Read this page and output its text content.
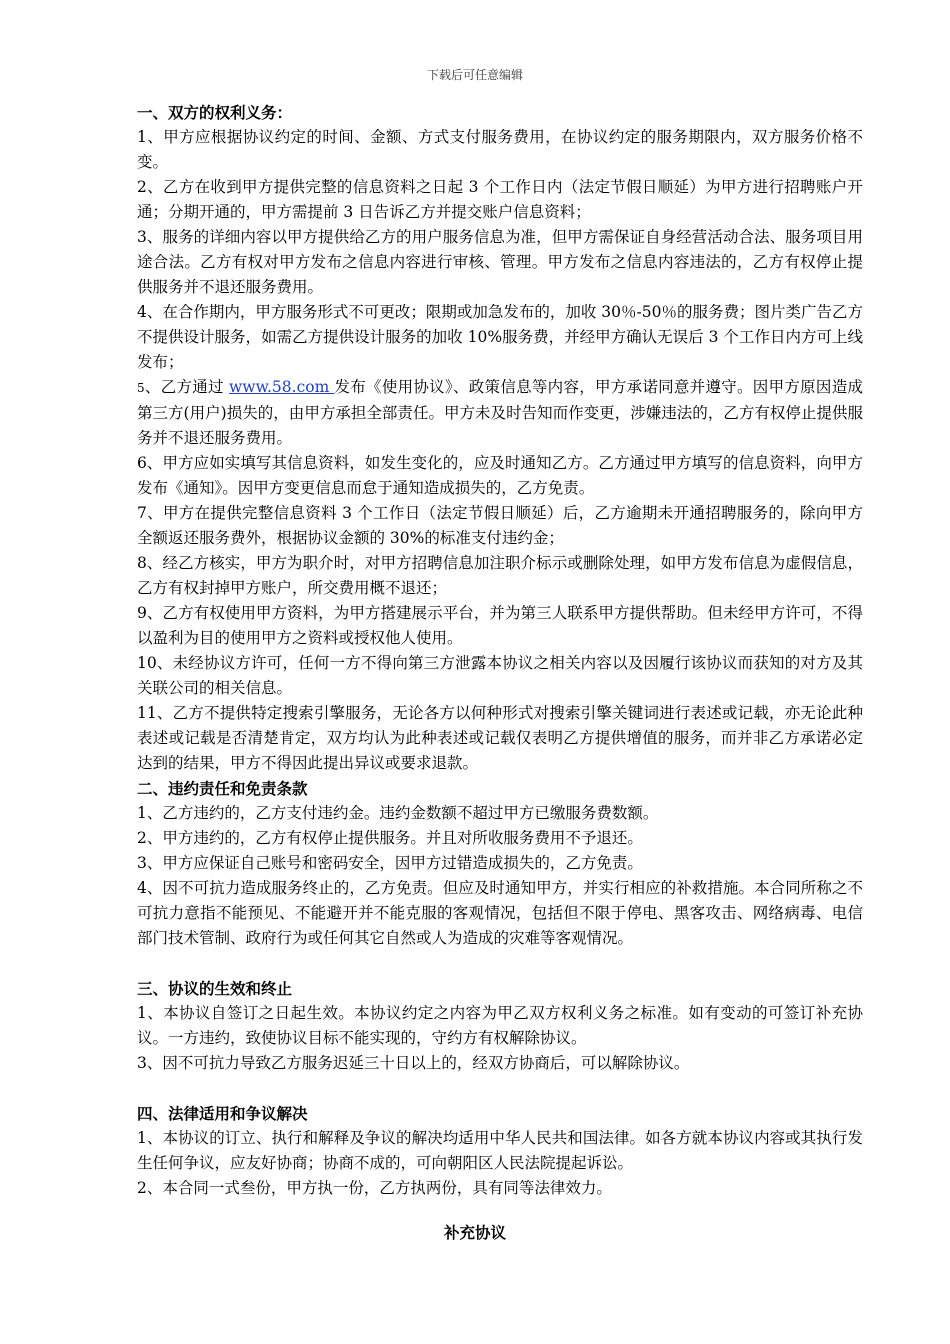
下载后可任意编辑

一、双方的权利义务：

1、甲方应根据协议约定的时间、金额、方式支付服务费用，在协议约定的服务期限内，双方服务价格不变。

2、乙方在收到甲方提供完整的信息资料之日起 3 个工作日内（法定节假日顺延）为甲方进行招聘账户开通；分期开通的，甲方需提前 3 日告诉乙方并提交账户信息资料；

3、服务的详细内容以甲方提供给乙方的用户服务信息为准，但甲方需保证自身经营活动合法、服务项目用途合法。乙方有权对甲方发布之信息内容进行审核、管理。甲方发布之信息内容违法的，乙方有权停止提供服务并不退还服务费用。

4、在合作期内，甲方服务形式不可更改；限期或加急发布的，加收 30％-50％的服务费；图片类广告乙方不提供设计服务，如需乙方提供设计服务的加收 10%服务费，并经甲方确认无误后 3 个工作日内方可上线发布；

5、乙方通过 www.58.com 发布《使用协议》、政策信息等内容，甲方承诺同意并遵守。因甲方原因造成第三方(用户)损失的，由甲方承担全部责任。甲方未及时告知而作变更，涉嫌违法的，乙方有权停止提供服务并不退还服务费用。

6、甲方应如实填写其信息资料，如发生变化的，应及时通知乙方。乙方通过甲方填写的信息资料，向甲方发布《通知》。因甲方变更信息而怠于通知造成损失的，乙方免责。

7、甲方在提供完整信息资料 3 个工作日（法定节假日顺延）后，乙方逾期未开通招聘服务的，除向甲方全额返还服务费外，根据协议金额的 30%的标准支付违约金；

8、经乙方核实，甲方为职介时，对甲方招聘信息加注职介标示或删除处理，如甲方发布信息为虚假信息，乙方有权封掉甲方账户，所交费用概不退还；

9、乙方有权使用甲方资料，为甲方搭建展示平台，并为第三人联系甲方提供帮助。但未经甲方许可，不得以盈利为目的使用甲方之资料或授权他人使用。

10、未经协议方许可，任何一方不得向第三方泄露本协议之相关内容以及因履行该协议而获知的对方及其关联公司的相关信息。

11、乙方不提供特定搜索引擎服务，无论各方以何种形式对搜索引擎关键词进行表述或记载，亦无论此种表述或记载是否清楚肯定，双方均认为此种表述或记载仅表明乙方提供增值的服务，而并非乙方承诺必定达到的结果，甲方不得因此提出异议或要求退款。

二、违约责任和免责条款

1、乙方违约的，乙方支付违约金。违约金数额不超过甲方已缴服务费数额。

2、甲方违约的，乙方有权停止提供服务。并且对所收服务费用不予退还。

3、甲方应保证自己账号和密码安全，因甲方过错造成损失的，乙方免责。

4、因不可抗力造成服务终止的，乙方免责。但应及时通知甲方，并实行相应的补救措施。本合同所称之不可抗力意指不能预见、不能避开并不能克服的客观情况，包括但不限于停电、黑客攻击、网络病毒、电信部门技术管制、政府行为或任何其它自然或人为造成的灾难等客观情况。

三、协议的生效和终止

1、本协议自签订之日起生效。本协议约定之内容为甲乙双方权利义务之标准。如有变动的可签订补充协议。一方违约，致使协议目标不能实现的，守约方有权解除协议。

3、因不可抗力导致乙方服务迟延三十日以上的，经双方协商后，可以解除协议。

四、法律适用和争议解决

1、本协议的订立、执行和解释及争议的解决均适用中华人民共和国法律。如各方就本协议内容或其执行发生任何争议，应友好协商；协商不成的，可向朝阳区人民法院提起诉讼。

2、本合同一式叁份，甲方执一份，乙方执两份，具有同等法律效力。

补充协议
